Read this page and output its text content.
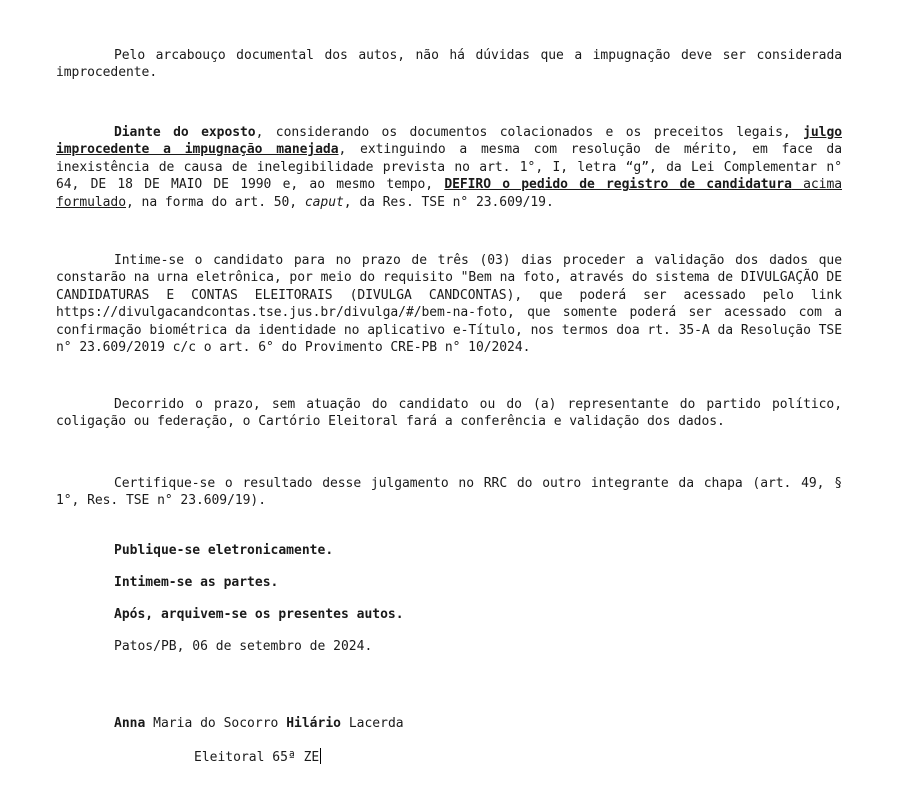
Pelo arcabouço documental dos autos, não há dúvidas que a impugnação deve ser considerada improcedente.

Diante do exposto, considerando os documentos colacionados e os preceitos legais, julgo improcedente a impugnação manejada, extinguindo a mesma com resolução de mérito, em face da inexistência de causa de inelegibilidade prevista no art. 1°, I, letra “g”, da Lei Complementar n° 64, DE 18 DE MAIO DE 1990 e, ao mesmo tempo, DEFIRO o pedido de registro de candidatura acima formulado, na forma do art. 50, caput, da Res. TSE n° 23.609/19.

Intime-se o candidato para no prazo de três (03) dias proceder a validação dos dados que constarão na urna eletrônica, por meio do requisito "Bem na foto, através do sistema de DIVULGAÇÃO DE CANDIDATURAS E CONTAS ELEITORAIS (DIVULGA CANDCONTAS), que poderá ser acessado pelo link https://divulgacandcontas.tse.jus.br/divulga/#/bem-na-foto, que somente poderá ser acessado com a confirmação biométrica da identidade no aplicativo e-Título, nos termos doa rt. 35-A da Resolução TSE n° 23.609/2019 c/c o art. 6° do Provimento CRE-PB n° 10/2024.

Decorrido o prazo, sem atuação do candidato ou do (a) representante do partido político, coligação ou federação, o Cartório Eleitoral fará a conferência e validação dos dados.

Certifique-se o resultado desse julgamento no RRC do outro integrante da chapa (art. 49, § 1°, Res. TSE n° 23.609/19).

Publique-se eletronicamente.

Intimem-se as partes.

Após, arquivem-se os presentes autos.

Patos/PB, 06 de setembro de 2024.

Anna Maria do Socorro Hilário Lacerda

Eleitoral 65ª ZE
